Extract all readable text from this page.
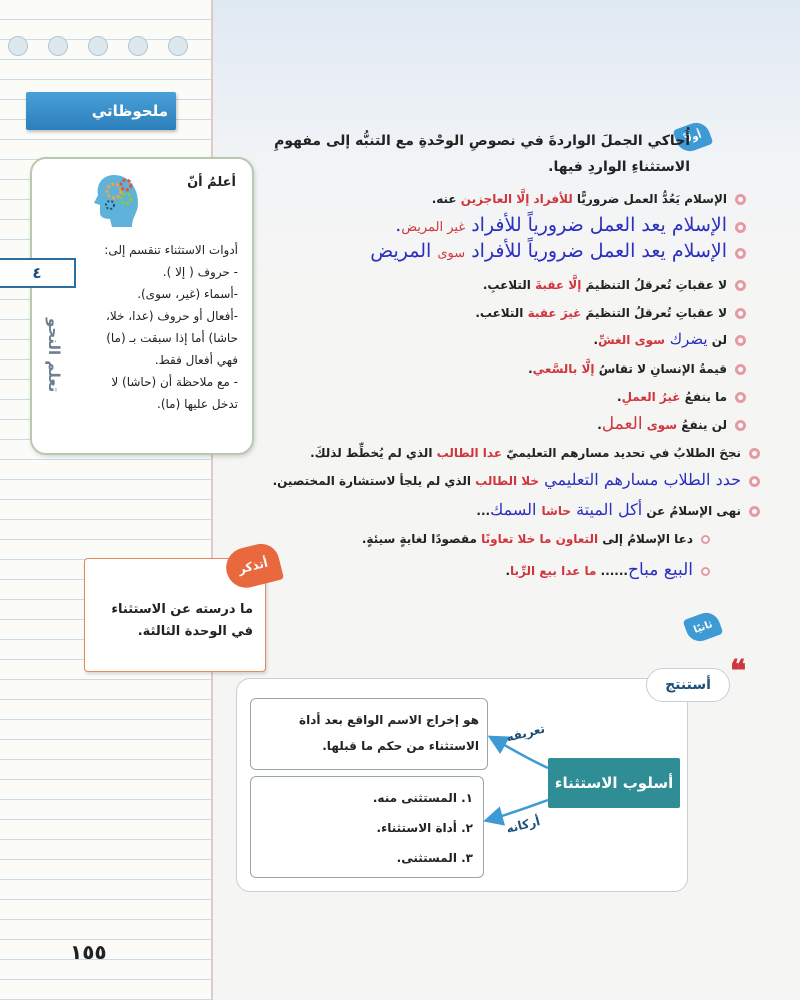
ملحوظاتي
أعلمُ أنّ
أدوات الاستثناء تنقسم إلى:
- حروف ( إلا ).
-أسماء (غير، سوى).
-أفعال أو حروف (عدا، خلا،
حاشا) أما إذا سبقت بـ (ما)
فهي أفعال فقط.
- مع ملاحظة أن (حاشا) لا
تدخل عليها (ما).
٤
تعلم النحو
ما درسته عن الاستثناء في الوحدة الثالثة.
أتذكر
أولاً
أُحاكي الجملَ الواردةَ في نصوصِ الوحْدةِ مع التنبُّه إلى مفهومِ الاستثناءِ الواردِ فيها.
الإسلام يَعُدُّ العمل ضروريًّا للأفراد إلَّا العاجزين عنه.
الإسلام يعد العمل ضرورياً للأفراد غير المريض.
الإسلام يعد العمل ضرورياً للأفراد سوى المريض
لا عقباتِ تُعرقلُ التنظيمَ إلَّا عقبةَ التلاعبِ.
لا عقباتِ تُعرقلُ التنظيمَ غيرَ عقبة التلاعب.
لن يضرك سوى الغشِّ.
قيمةُ الإنسانِ لا تقاسُ إلَّا بالسَّعي.
ما ينفعُ غيرُ العملِ.
لن ينفعُ سوى العمل.
نجحَ الطلابُ في تحديد مسارهم التعليميّ عدا الطالب الذي لم يُخطِّط لذلكَ.
حدد الطلاب مسارهم التعليمي خلا الطالب الذي لم يلجأ لاستشارة المختصين.
نهى الإسلامُ عن أكل الميتة حاشا السمك...
دعا الإسلامُ إلى التعاون ما خلا تعاونًا مقصودًا لغايةٍ سيئةٍ.
البيع مباح...... ما عدا بيع الرِّبا.
ثانيًا
❝
أستنتج
هو إخراج الاسم الواقع بعد أداة الاستثناء من حكم ما قبلها.
١. المستثنى منه.
٢. أداة الاستثناء.
٣. المستثنى.
أسلوب الاستثناء
تعريفه
أركانه
١٥٥
